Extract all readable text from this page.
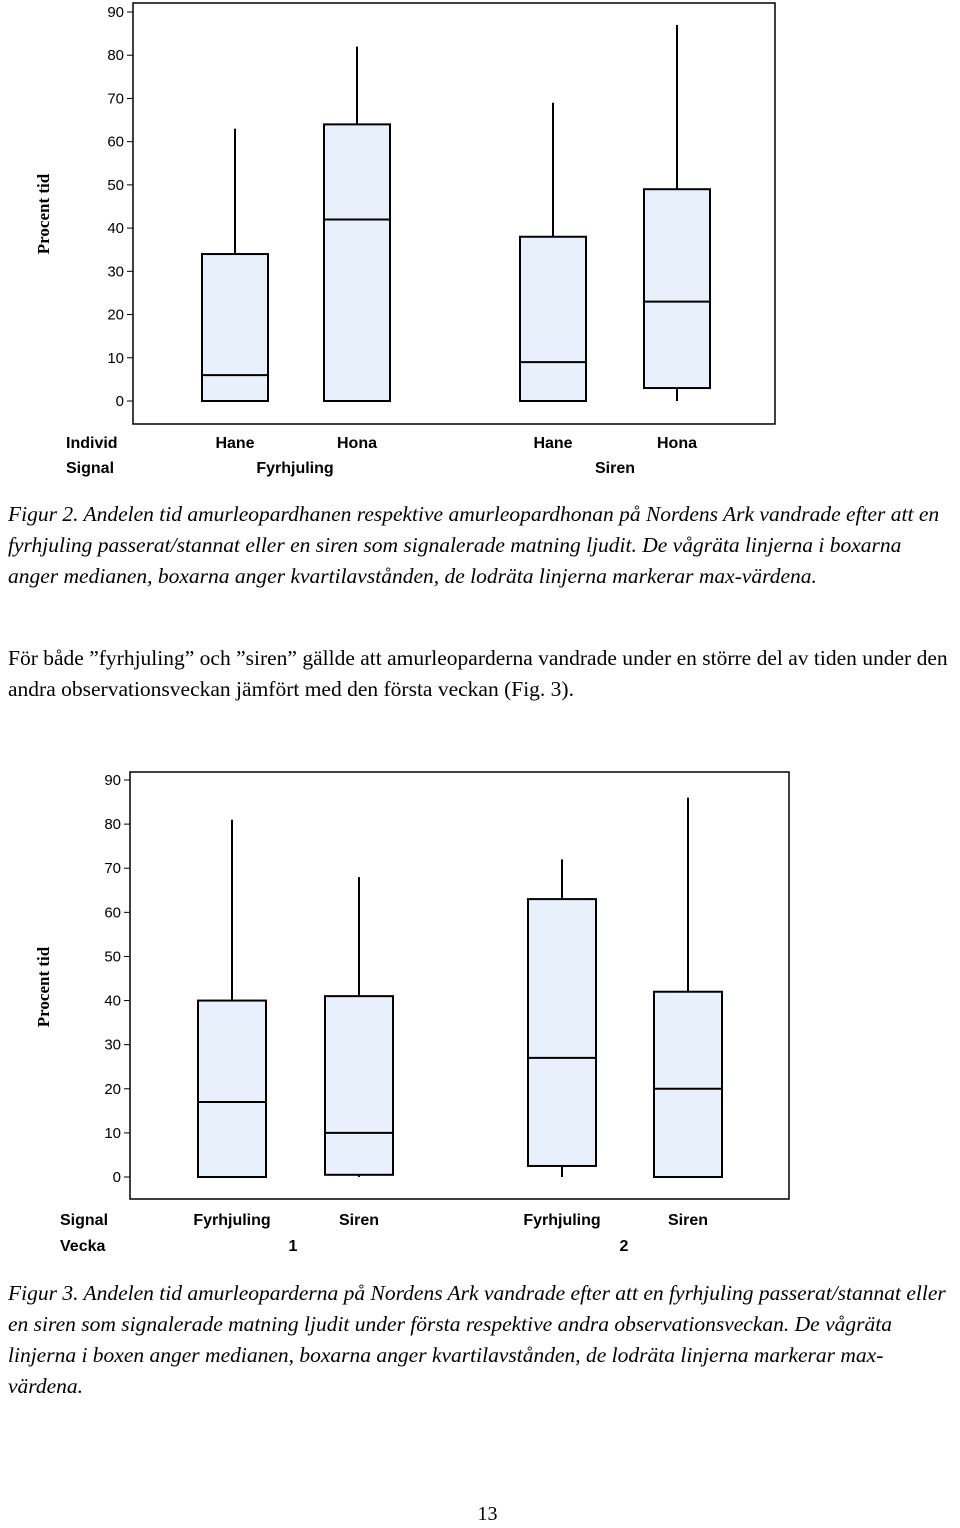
Procent tid
90
80
70
60
50
40
30
20
10
0
Individ
Signal
Hane	Hona	Hane	Hona
Fyrhjuling	Siren
Figur 2. Andelen tid amurleopardhanen respektive amurleopardhonan på Nordens Ark vandrade efter att en fyrhjuling passerat/stannat eller en siren som signalerade matning ljudit. De vågräta linjerna i boxarna anger medianen, boxarna anger kvartilavstånden, de lodräta linjerna markerar max-värdena.
För både ”fyrhjuling” och ”siren” gällde att amurleoparderna vandrade under en större del av tiden under den andra observationsveckan jämfört med den första veckan (Fig. 3).
Procent tid
90
80
70
60
50
40
30
20
10
0
Signal
Vecka
Fyrhjuling	Siren	Fyrhjuling	Siren
1	2
Figur 3. Andelen tid amurleoparderna på Nordens Ark vandrade efter att en fyrhjuling passerat/stannat eller en siren som signalerade matning ljudit under första respektive andra observationsveckan. De vågräta linjerna i boxen anger medianen, boxarna anger kvartilavstånden, de lodräta linjerna markerar max-värdena.
13
